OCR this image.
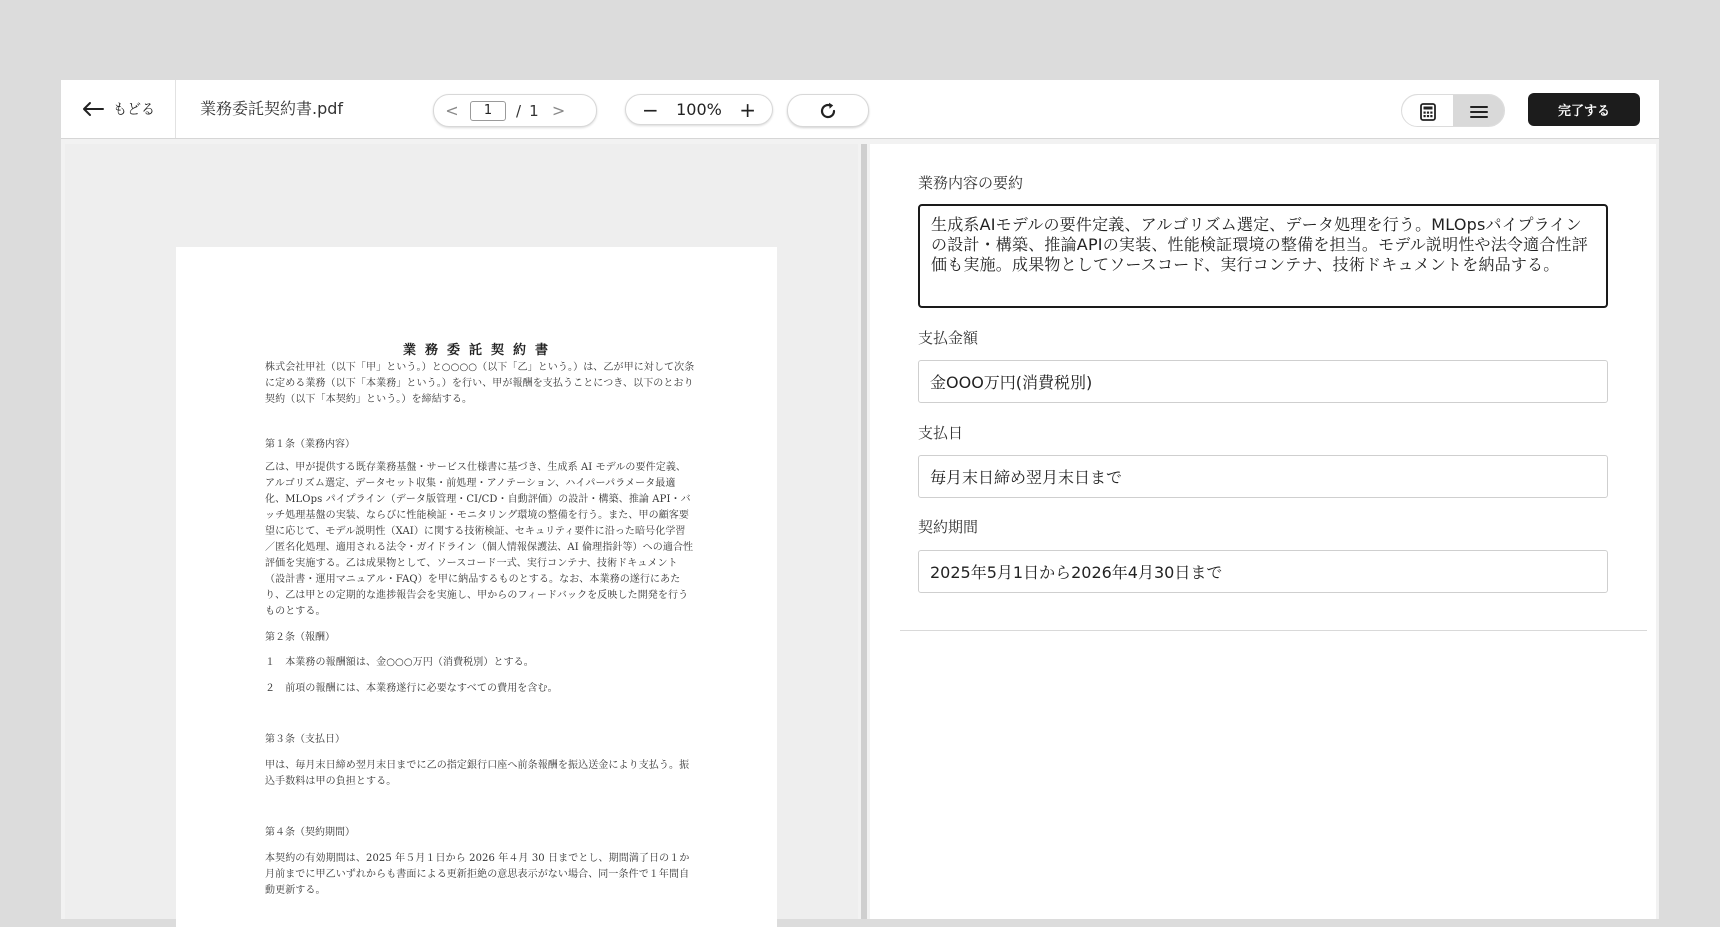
もどる	業務委託契約書.pdf	<
1	/ 1 >	− 100% +	完了する
業務委託契約書

株式会社甲社（以下「甲」という。）と○○○○（以下「乙」という。）は、乙が甲に対して次条に定める業務（以下「本業務」という。）を行い、甲が報酬を支払うことにつき、以下のとおり契約（以下「本契約」という。）を締結する。

第１条（業務内容）

乙は、甲が提供する既存業務基盤・サービス仕様書に基づき、生成系 AI モデルの要件定義、アルゴリズム選定、データセット収集・前処理・アノテーション、ハイパーパラメータ最適化、MLOps パイプライン（データ版管理・CI/CD・自動評価）の設計・構築、推論 API・バッチ処理基盤の実装、ならびに性能検証・モニタリング環境の整備を行う。また、甲の顧客要望に応じて、モデル説明性（XAI）に関する技術検証、セキュリティ要件に沿った暗号化学習／匿名化処理、適用される法令・ガイドライン（個人情報保護法、AI 倫理指針等）への適合性評価を実施する。乙は成果物として、ソースコード一式、実行コンテナ、技術ドキュメント（設計書・運用マニュアル・FAQ）を甲に納品するものとする。なお、本業務の遂行にあたり、乙は甲との定期的な進捗報告会を実施し、甲からのフィードバックを反映した開発を行うものとする。

第２条（報酬）

１　本業務の報酬額は、金○○○万円（消費税別）とする。

２　前項の報酬には、本業務遂行に必要なすべての費用を含む。

第３条（支払日）

甲は、毎月末日締め翌月末日までに乙の指定銀行口座へ前条報酬を振込送金により支払う。振込手数料は甲の負担とする。

第４条（契約期間）

本契約の有効期間は、2025 年５月１日から 2026 年４月 30 日までとし、期間満了日の１か月前までに甲乙いずれからも書面による更新拒絶の意思表示がない場合、同一条件で１年間自動更新する。

業務内容の要約
生成系AIモデルの要件定義、アルゴリズム選定、データ処理を行う。MLOpsパイプラインの設計・構築、推論APIの実装、性能検証環境の整備を担当。モデル説明性や法令適合性評価も実施。成果物としてソースコード、実行コンテナ、技術ドキュメントを納品する。
支払金額
金OOO万円(消費税別)
支払日
毎月末日締め翌月末日まで
契約期間
2025年5月1日から2026年4月30日まで
